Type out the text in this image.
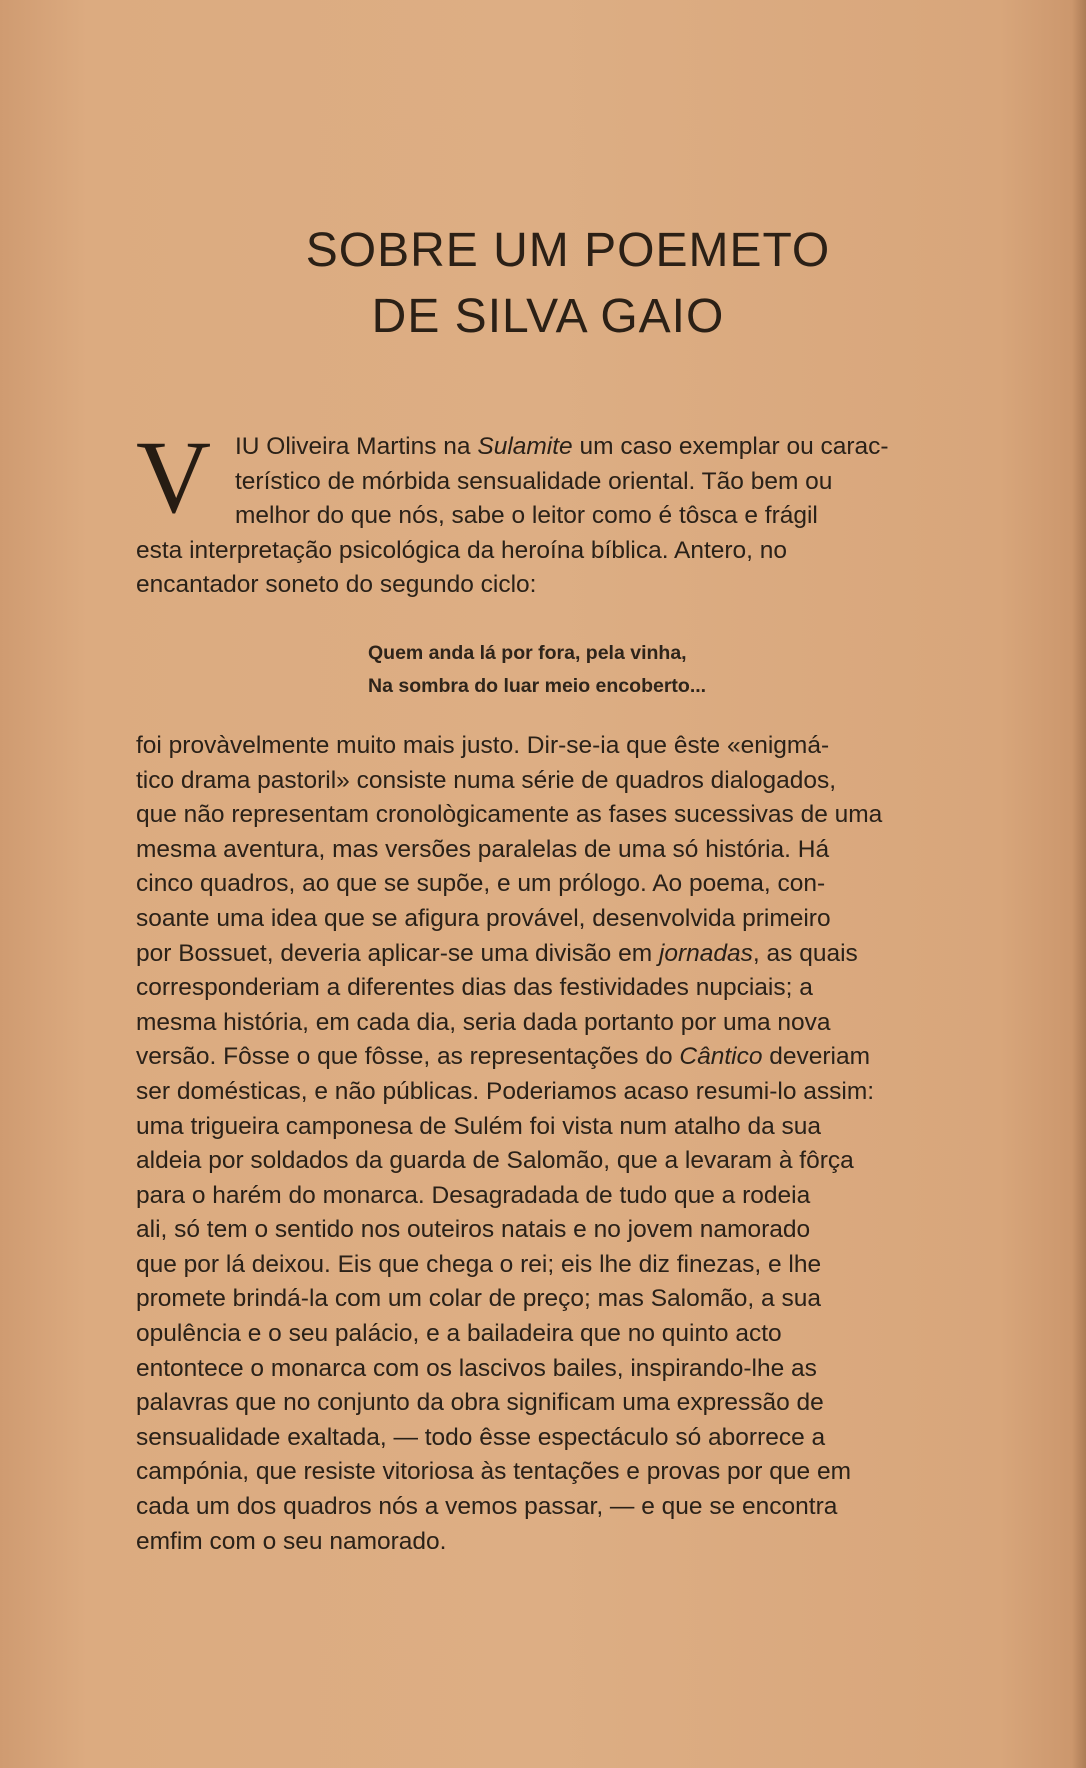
SOBRE UM POEMETO
DE SILVA GAIO
V IU Oliveira Martins na Sulamite um caso exemplar ou carac-
terístico de mórbida sensualidade oriental. Tão bem ou
melhor do que nós, sabe o leitor como é tôsca e frágil
esta interpretação psicológica da heroína bíblica. Antero, no
encantador soneto do segundo ciclo:
Quem anda lá por fora, pela vinha,
Na sombra do luar meio encoberto...
foi provàvelmente muito mais justo. Dir-se-ia que êste «enigmá-
tico drama pastoril» consiste numa série de quadros dialogados,
que não representam cronològicamente as fases sucessivas de uma
mesma aventura, mas versões paralelas de uma só história. Há
cinco quadros, ao que se supõe, e um prólogo. Ao poema, con-
soante uma idea que se afigura provável, desenvolvida primeiro
por Bossuet, deveria aplicar-se uma divisão em jornadas, as quais
corresponderiam a diferentes dias das festividades nupciais; a
mesma história, em cada dia, seria dada portanto por uma nova
versão. Fôsse o que fôsse, as representações do Cântico deveriam
ser domésticas, e não públicas. Poderiamos acaso resumi-lo assim:
uma trigueira camponesa de Sulém foi vista num atalho da sua
aldeia por soldados da guarda de Salomão, que a levaram à fôrça
para o harém do monarca. Desagradada de tudo que a rodeia
ali, só tem o sentido nos outeiros natais e no jovem namorado
que por lá deixou. Eis que chega o rei; eis lhe diz finezas, e lhe
promete brindá-la com um colar de preço; mas Salomão, a sua
opulência e o seu palácio, e a bailadeira que no quinto acto
entontece o monarca com os lascivos bailes, inspirando-lhe as
palavras que no conjunto da obra significam uma expressão de
sensualidade exaltada, — todo êsse espectáculo só aborrece a
campónia, que resiste vitoriosa às tentações e provas por que em
cada um dos quadros nós a vemos passar, — e que se encontra
emfim com o seu namorado.
